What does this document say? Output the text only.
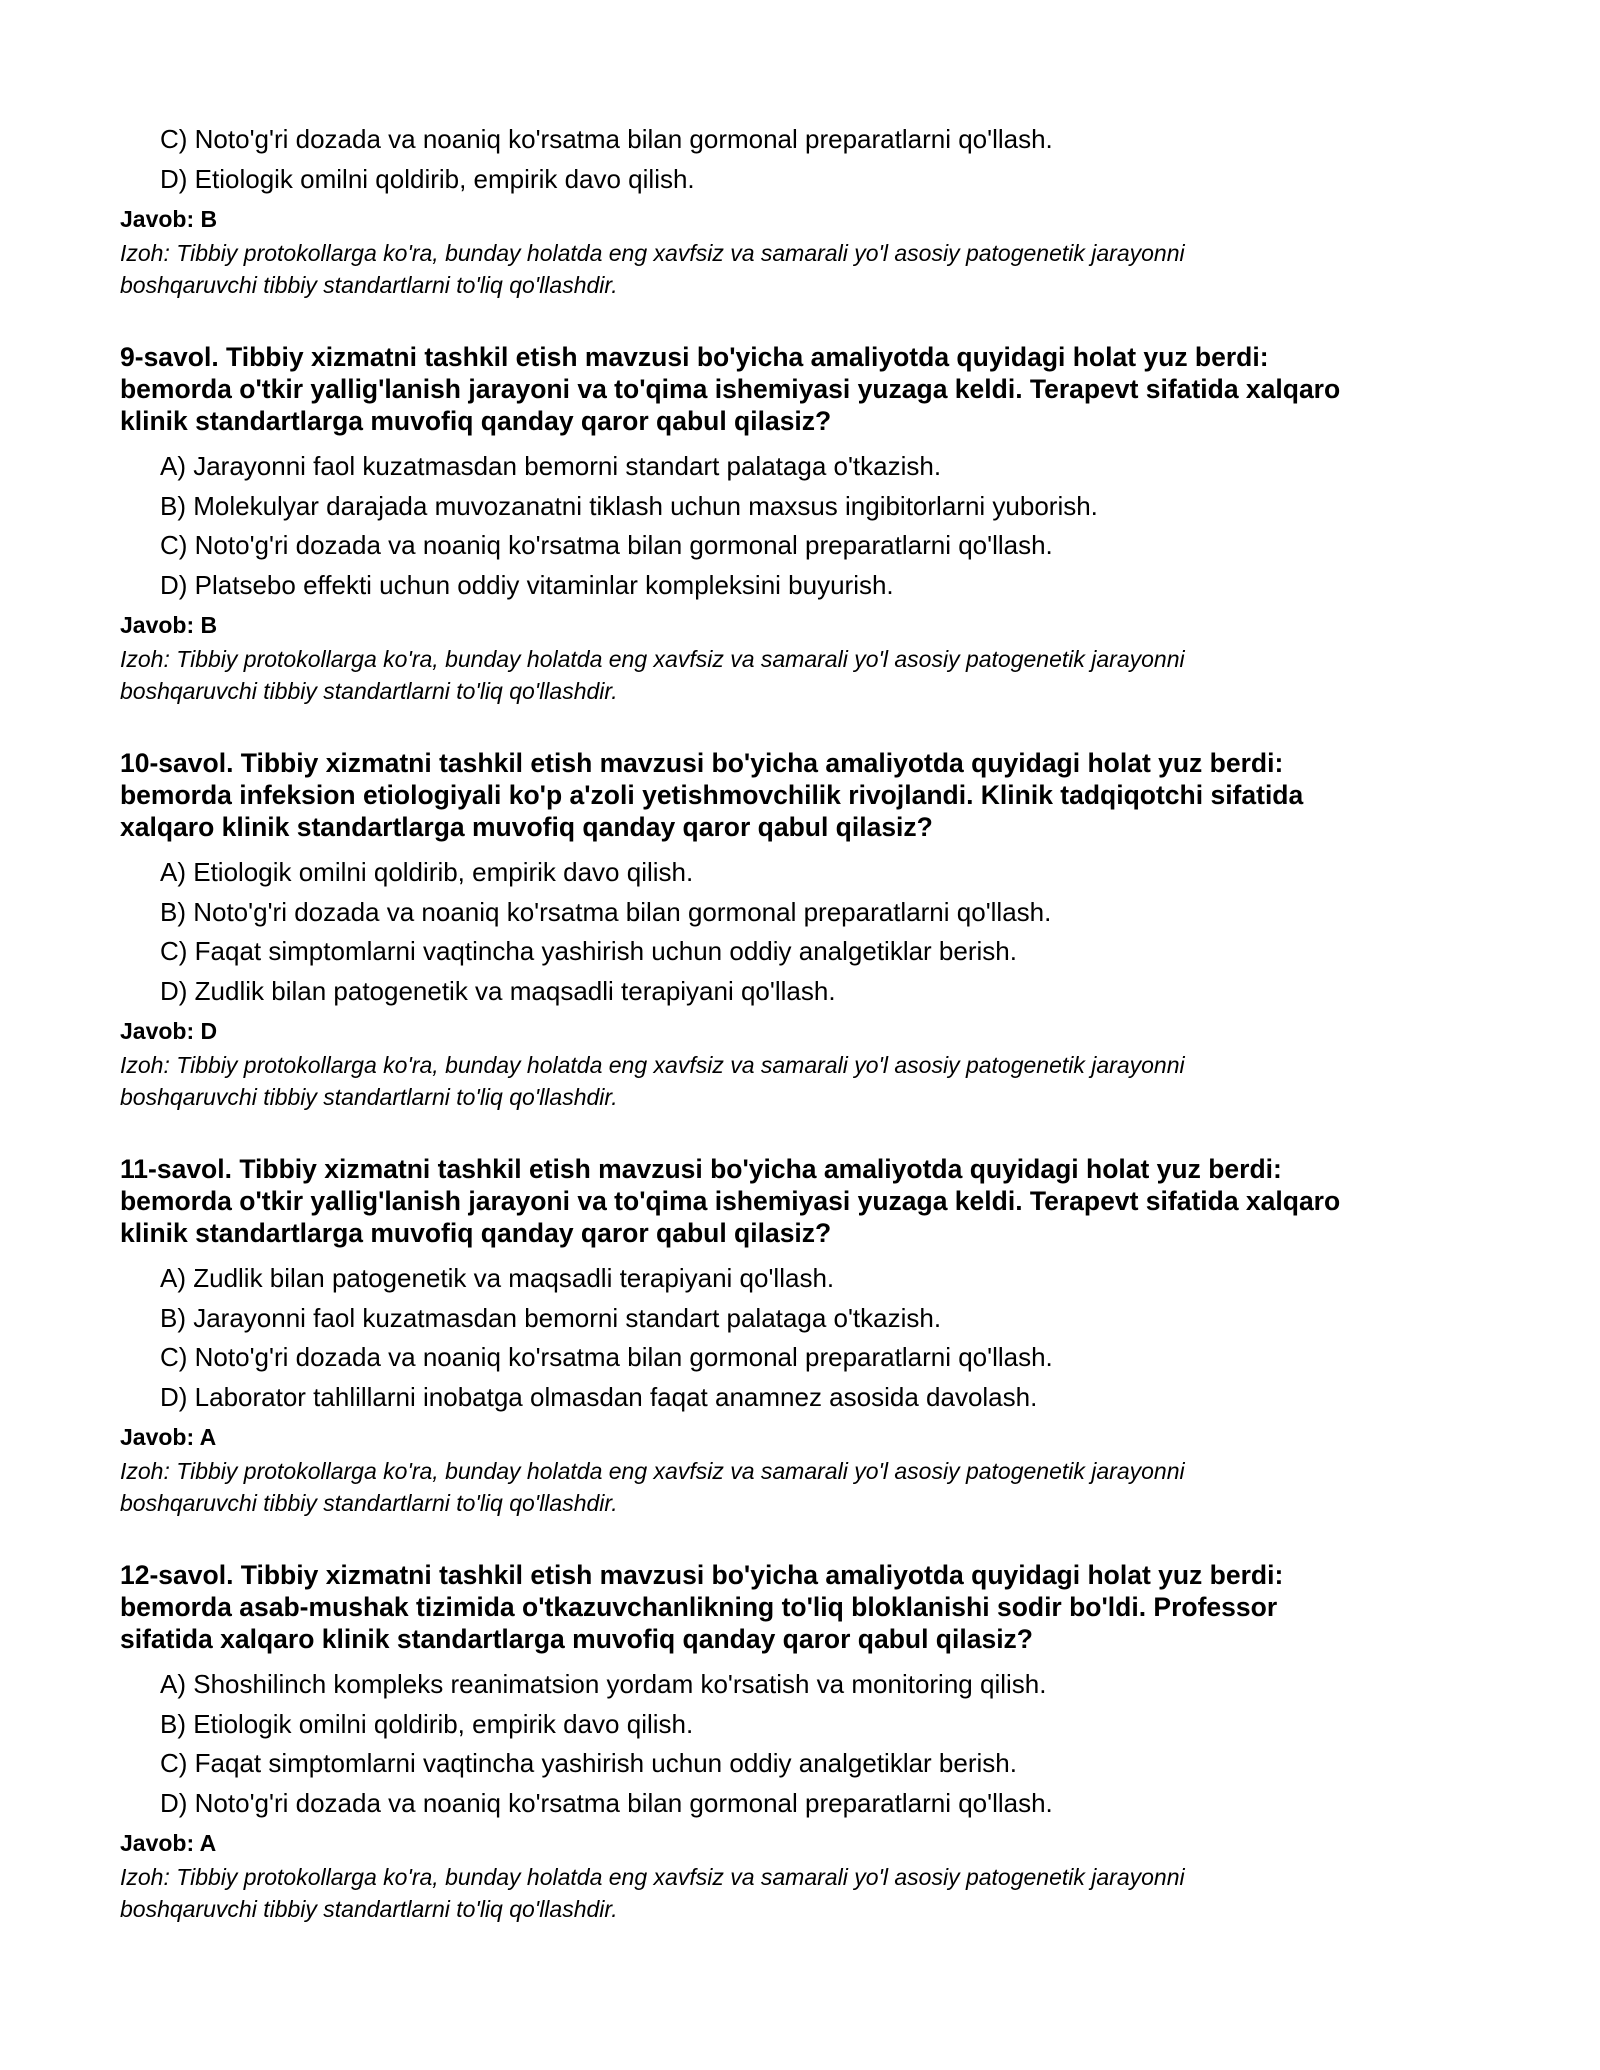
C) Noto'g'ri dozada va noaniq ko'rsatma bilan gormonal preparatlarni qo'llash.
D) Etiologik omilni qoldirib, empirik davo qilish.
Javob: B
Izoh: Tibbiy protokollarga ko'ra, bunday holatda eng xavfsiz va samarali yo'l asosiy patogenetik jarayonni
boshqaruvchi tibbiy standartlarni to'liq qo'llashdir.
9-savol. Tibbiy xizmatni tashkil etish mavzusi bo'yicha amaliyotda quyidagi holat yuz berdi:
bemorda o'tkir yallig'lanish jarayoni va to'qima ishemiyasi yuzaga keldi. Terapevt sifatida xalqaro
klinik standartlarga muvofiq qanday qaror qabul qilasiz?
A) Jarayonni faol kuzatmasdan bemorni standart palataga o'tkazish.
B) Molekulyar darajada muvozanatni tiklash uchun maxsus ingibitorlarni yuborish.
C) Noto'g'ri dozada va noaniq ko'rsatma bilan gormonal preparatlarni qo'llash.
D) Platsebo effekti uchun oddiy vitaminlar kompleksini buyurish.
Javob: B
Izoh: Tibbiy protokollarga ko'ra, bunday holatda eng xavfsiz va samarali yo'l asosiy patogenetik jarayonni
boshqaruvchi tibbiy standartlarni to'liq qo'llashdir.
10-savol. Tibbiy xizmatni tashkil etish mavzusi bo'yicha amaliyotda quyidagi holat yuz berdi:
bemorda infeksion etiologiyali ko'p a'zoli yetishmovchilik rivojlandi. Klinik tadqiqotchi sifatida
xalqaro klinik standartlarga muvofiq qanday qaror qabul qilasiz?
A) Etiologik omilni qoldirib, empirik davo qilish.
B) Noto'g'ri dozada va noaniq ko'rsatma bilan gormonal preparatlarni qo'llash.
C) Faqat simptomlarni vaqtincha yashirish uchun oddiy analgetiklar berish.
D) Zudlik bilan patogenetik va maqsadli terapiyani qo'llash.
Javob: D
Izoh: Tibbiy protokollarga ko'ra, bunday holatda eng xavfsiz va samarali yo'l asosiy patogenetik jarayonni
boshqaruvchi tibbiy standartlarni to'liq qo'llashdir.
11-savol. Tibbiy xizmatni tashkil etish mavzusi bo'yicha amaliyotda quyidagi holat yuz berdi:
bemorda o'tkir yallig'lanish jarayoni va to'qima ishemiyasi yuzaga keldi. Terapevt sifatida xalqaro
klinik standartlarga muvofiq qanday qaror qabul qilasiz?
A) Zudlik bilan patogenetik va maqsadli terapiyani qo'llash.
B) Jarayonni faol kuzatmasdan bemorni standart palataga o'tkazish.
C) Noto'g'ri dozada va noaniq ko'rsatma bilan gormonal preparatlarni qo'llash.
D) Laborator tahlillarni inobatga olmasdan faqat anamnez asosida davolash.
Javob: A
Izoh: Tibbiy protokollarga ko'ra, bunday holatda eng xavfsiz va samarali yo'l asosiy patogenetik jarayonni
boshqaruvchi tibbiy standartlarni to'liq qo'llashdir.
12-savol. Tibbiy xizmatni tashkil etish mavzusi bo'yicha amaliyotda quyidagi holat yuz berdi:
bemorda asab-mushak tizimida o'tkazuvchanlikning to'liq bloklanishi sodir bo'ldi. Professor
sifatida xalqaro klinik standartlarga muvofiq qanday qaror qabul qilasiz?
A) Shoshilinch kompleks reanimatsion yordam ko'rsatish va monitoring qilish.
B) Etiologik omilni qoldirib, empirik davo qilish.
C) Faqat simptomlarni vaqtincha yashirish uchun oddiy analgetiklar berish.
D) Noto'g'ri dozada va noaniq ko'rsatma bilan gormonal preparatlarni qo'llash.
Javob: A
Izoh: Tibbiy protokollarga ko'ra, bunday holatda eng xavfsiz va samarali yo'l asosiy patogenetik jarayonni
boshqaruvchi tibbiy standartlarni to'liq qo'llashdir.
